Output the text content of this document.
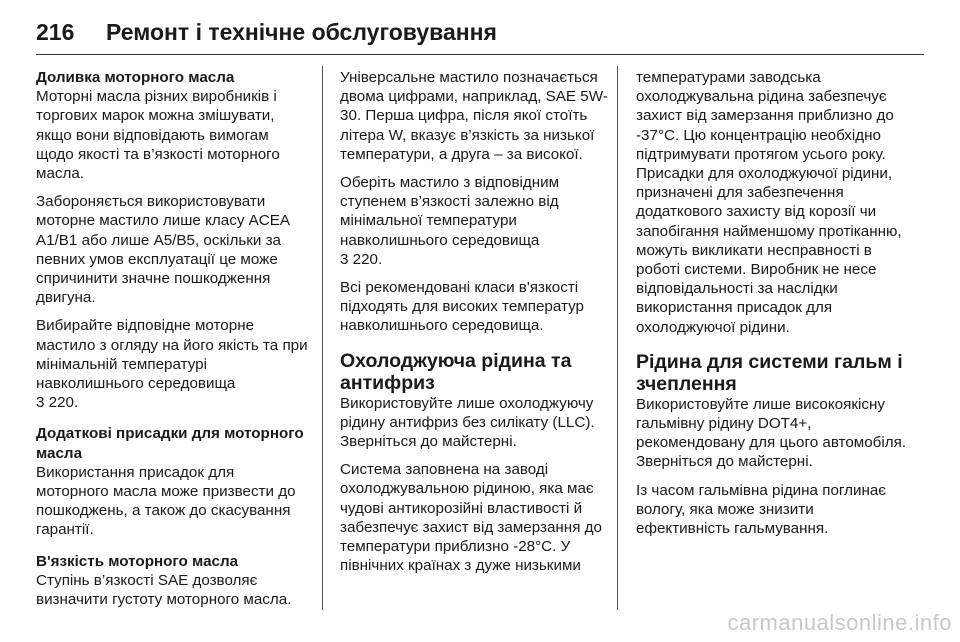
216	Ремонт і технічне обслуговування
Доливка моторного масла

Моторні масла різних виробників і торгових марок можна змішувати, якщо вони відповідають вимогам щодо якості та в’язкості моторного масла.

Забороняється використовувати моторне мастило лише класу ACEA A1/B1 або лише A5/B5, оскільки за певних умов експлуатації це може спричинити значне пошкодження двигуна.

Вибирайте відповідне моторне мастило з огляду на його якість та при мінімальній температурі навколишнього середовища
3 220.

Додаткові присадки для моторного масла

Використання присадок для моторного масла може призвести до пошкоджень, а також до скасування гарантії.

В'язкість моторного масла

Ступінь в’язкості SAE дозволяє визначити густоту моторного масла.

Універсальне мастило позначається двома цифрами, наприклад, SAE 5W-30. Перша цифра, після якої стоїть літера W, вказує в’язкість за низької температури, а друга – за високої.

Оберіть мастило з відповідним ступенем в’язкості залежно від мінімальної температури навколишнього середовища
3 220.

Всі рекомендовані класи в'язкості підходять для високих температур навколишнього середовища.

Охолоджуюча рідина та антифриз

Використовуйте лише охолоджуючу рідину антифриз без силікату (LLC). Зверніться до майстерні.

Система заповнена на заводі охолоджувальною рідиною, яка має чудові антикорозійні властивості й забезпечує захист від замерзання до температури приблизно -28°C. У північних країнах з дуже низькими

температурами заводська охолоджувальна рідина забезпечує захист від замерзання приблизно до -37°C. Цю концентрацію необхідно підтримувати протягом усього року. Присадки для охолоджуючої рідини, призначені для забезпечення додаткового захисту від корозії чи запобігання найменшому протіканню, можуть викликати несправності в роботі системи. Виробник не несе відповідальності за наслідки використання присадок для охолоджуючої рідини.

Рідина для системи гальм і зчеплення

Використовуйте лише високоякісну гальмівну рідину DOT4+, рекомендовану для цього автомобіля. Зверніться до майстерні.

Із часом гальмівна рідина поглинає вологу, яка може знизити ефективність гальмування.

carmanualsonline.info
